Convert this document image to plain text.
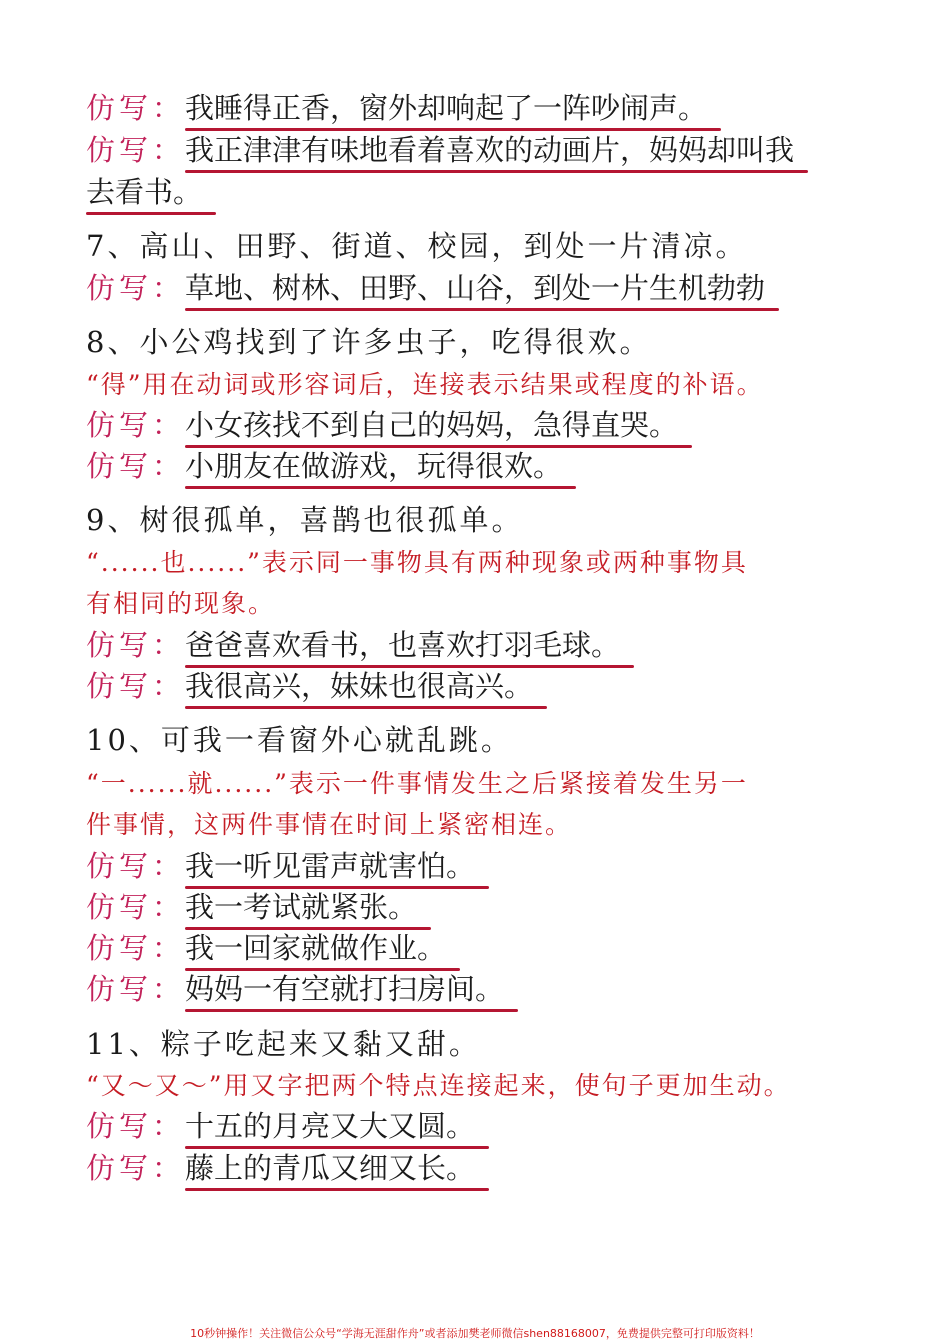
仿写：我睡得正香，窗外却响起了一阵吵闹声。
仿写：我正津津有味地看着喜欢的动画片，妈妈却叫我
去看书。
7、高山、田野、街道、校园，到处一片清凉。
仿写：草地、树林、田野、山谷，到处一片生机勃勃
8、小公鸡找到了许多虫子，吃得很欢。
“得”用在动词或形容词后，连接表示结果或程度的补语。
仿写：小女孩找不到自己的妈妈，急得直哭。
仿写：小朋友在做游戏，玩得很欢。
9、树很孤单，喜鹊也很孤单。
“......也......”表示同一事物具有两种现象或两种事物具
有相同的现象。
仿写：爸爸喜欢看书，也喜欢打羽毛球。
仿写：我很高兴，妹妹也很高兴。
10、可我一看窗外心就乱跳。
“一......就......”表示一件事情发生之后紧接着发生另一
件事情，这两件事情在时间上紧密相连。
仿写：我一听见雷声就害怕。
仿写：我一考试就紧张。
仿写：我一回家就做作业。
仿写：妈妈一有空就打扫房间。
11、粽子吃起来又黏又甜。
“又～又～”用又字把两个特点连接起来，使句子更加生动。
仿写：十五的月亮又大又圆。
仿写：藤上的青瓜又细又长。
10秒钟操作！关注微信公众号“学海无涯甜作舟”或者添加樊老师微信shen88168007，免费提供完整可打印版资料！
